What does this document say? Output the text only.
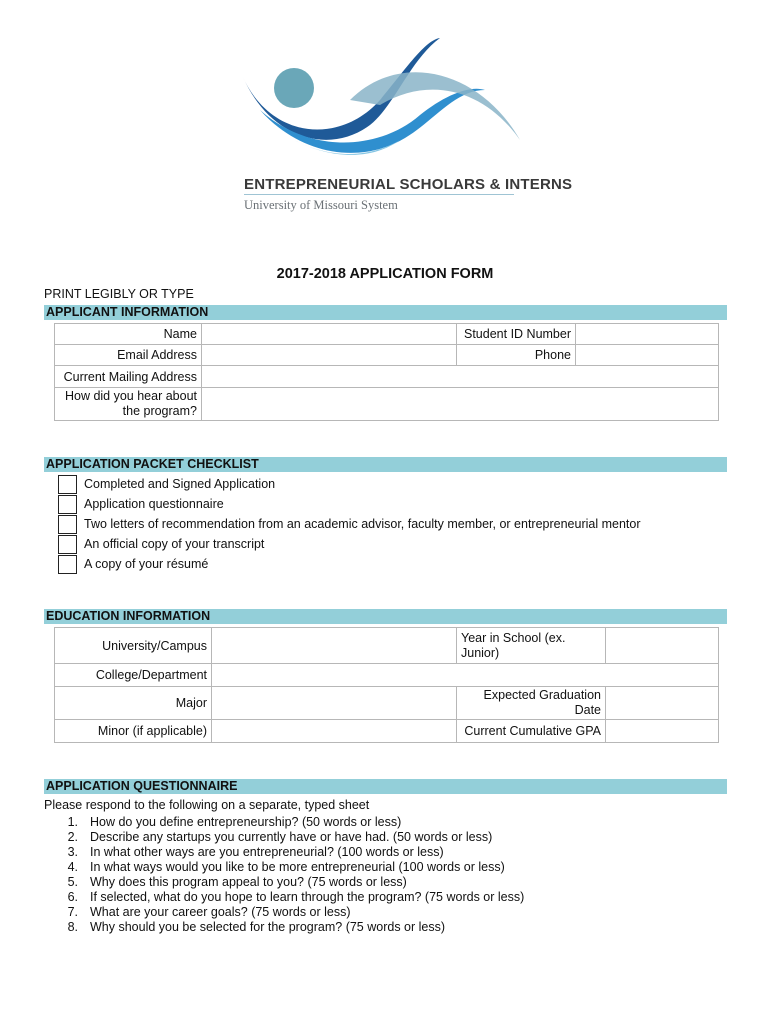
ENTREPRENEURIAL SCHOLARS & INTERNS
University of Missouri System
2017-2018 APPLICATION FORM
PRINT LEGIBLY OR TYPE
APPLICANT INFORMATION
Name		Student ID Number	
Email Address		Phone	
Current Mailing Address			
How did you hear about the program?			
APPLICATION PACKET CHECKLIST
Completed and Signed Application
Application questionnaire
Two letters of recommendation from an academic advisor, faculty member, or entrepreneurial mentor
An official copy of your transcript
A copy of your résumé
EDUCATION INFORMATION
University/Campus		Year in School (ex. Junior)	
College/Department			
Major		Expected Graduation Date	
Minor (if applicable)		Current Cumulative GPA	
APPLICATION QUESTIONNAIRE
Please respond to the following on a separate, typed sheet
1. How do you define entrepreneurship? (50 words or less)
2. Describe any startups you currently have or have had. (50 words or less)
3. In what other ways are you entrepreneurial? (100 words or less)
4. In what ways would you like to be more entrepreneurial (100 words or less)
5. Why does this program appeal to you? (75 words or less)
6. If selected, what do you hope to learn through the program? (75 words or less)
7. What are your career goals? (75 words or less)
8. Why should you be selected for the program? (75 words or less)
